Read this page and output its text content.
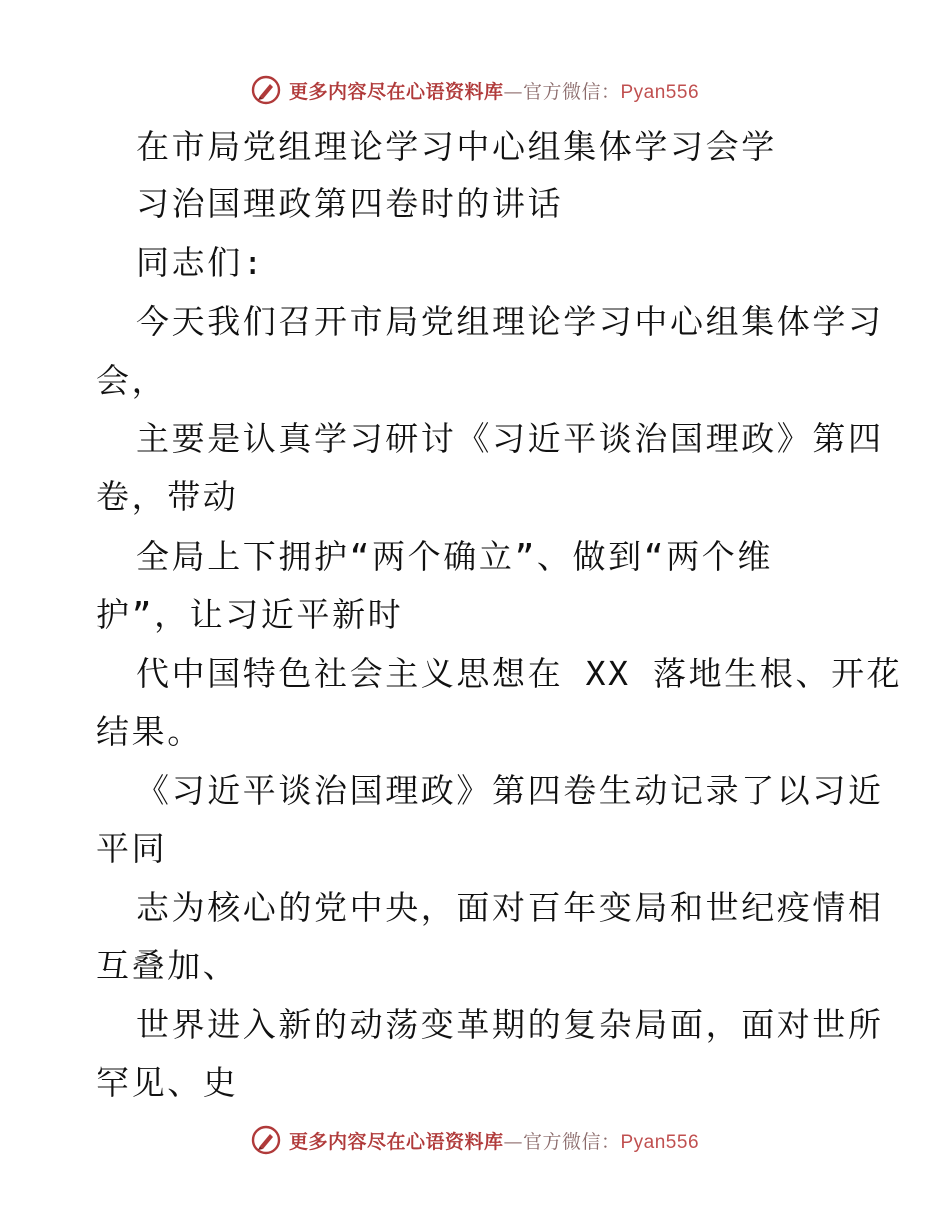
更多内容尽在心语资料库—官方微信：Pyan556
在市局党组理论学习中心组集体学习会学
习治国理政第四卷时的讲话
同志们:
今天我们召开市局党组理论学习中心组集体学习
会，
主要是认真学习研讨《习近平谈治国理政》第四
卷，带动
全局上下拥护“两个确立”、做到“两个维
护”，让习近平新时
代中国特色社会主义思想在 XX 落地生根、开花
结果。
《习近平谈治国理政》第四卷生动记录了以习近
平同
志为核心的党中央，面对百年变局和世纪疫情相
互叠加、
世界进入新的动荡变革期的复杂局面，面对世所
罕见、史
更多内容尽在心语资料库—官方微信：Pyan556
